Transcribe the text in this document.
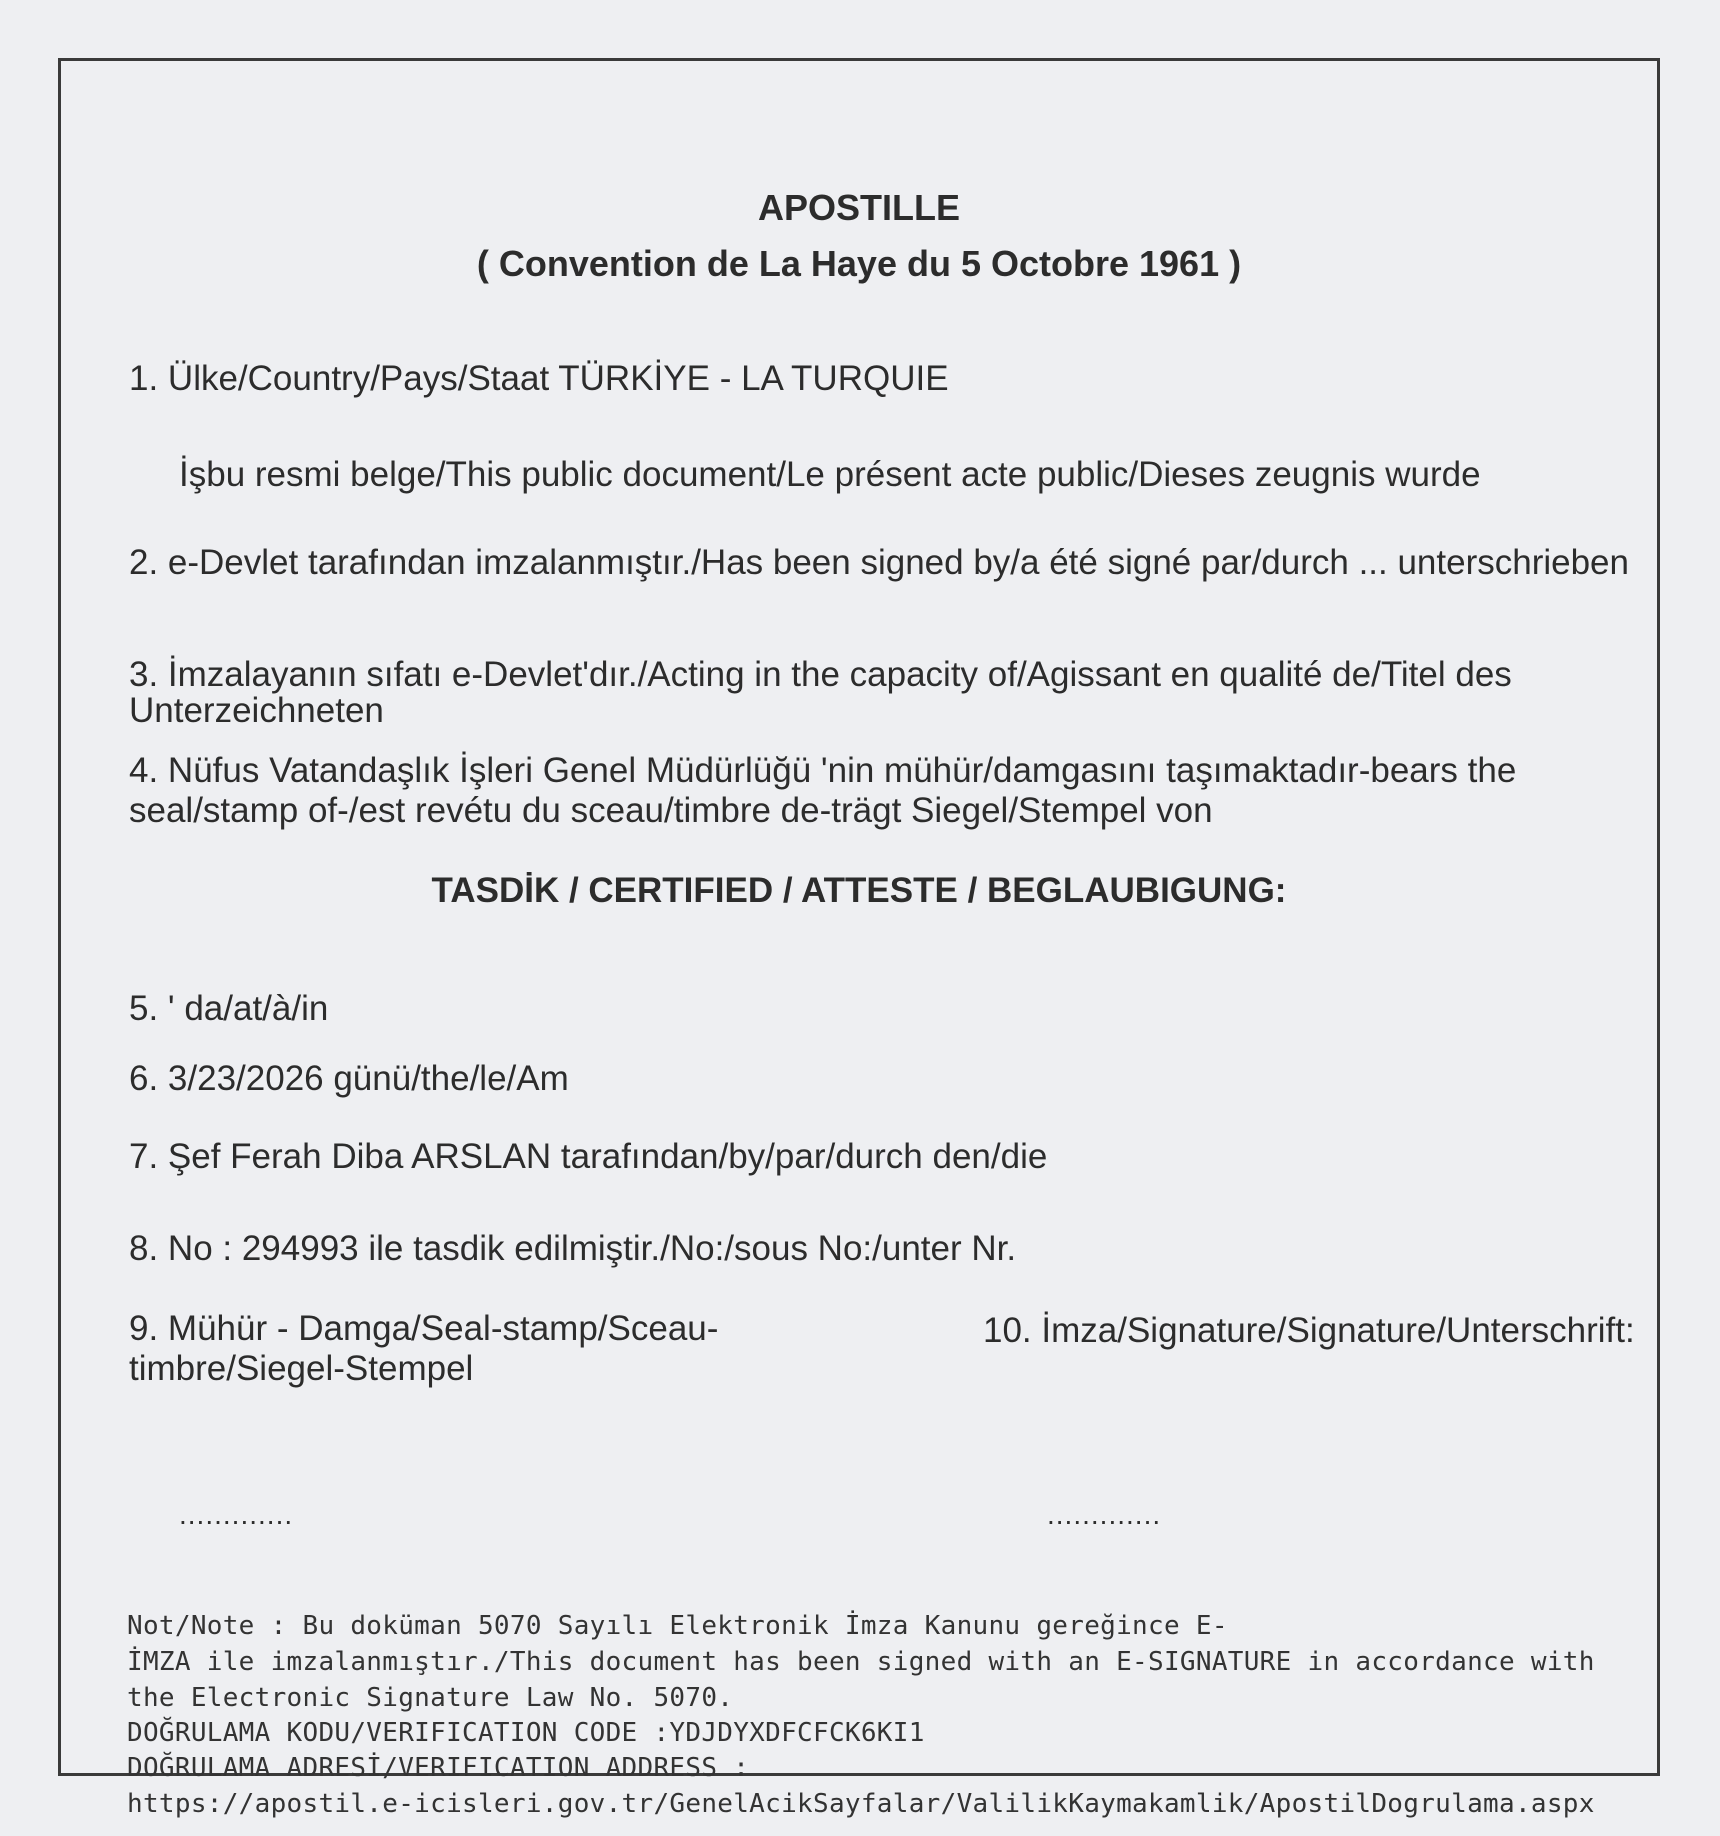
APOSTILLE
( Convention de La Haye du 5 Octobre 1961 )
1. Ülke/Country/Pays/Staat TÜRKİYE - LA TURQUIE
İşbu resmi belge/This public document/Le présent acte public/Dieses zeugnis wurde
2. e-Devlet tarafından imzalanmıştır./Has been signed by/a été signé par/durch ... unterschrieben
3. İmzalayanın sıfatı e-Devlet'dır./Acting in the capacity of/Agissant en qualité de/Titel des
Unterzeichneten
4. Nüfus Vatandaşlık İşleri Genel Müdürlüğü 'nin mühür/damgasını taşımaktadır-bears the
seal/stamp of-/est revétu du sceau/timbre de-trägt Siegel/Stempel von
TASDİK / CERTIFIED / ATTESTE / BEGLAUBIGUNG:
5. ' da/at/à/in
6. 3/23/2026 günü/the/le/Am
7. Şef Ferah Diba ARSLAN tarafından/by/par/durch den/die
8. No : 294993 ile tasdik edilmiştir./No:/sous No:/unter Nr.
9. Mühür - Damga/Seal-stamp/Sceau-
timbre/Siegel-Stempel
10. İmza/Signature/Signature/Unterschrift:
.............	.............
Not/Note : Bu doküman 5070 Sayılı Elektronik İmza Kanunu gereğince E-
İMZA ile imzalanmıştır./This document has been signed with an E-SIGNATURE in accordance with
the Electronic Signature Law No. 5070.
DOĞRULAMA KODU/VERIFICATION CODE :YDJDYXDFCFCK6KI1
DOĞRULAMA ADRESİ/VERIFICATION ADDRESS :
https://apostil.e-icisleri.gov.tr/GenelAcikSayfalar/ValilikKaymakamlik/ApostilDogrulama.aspx
